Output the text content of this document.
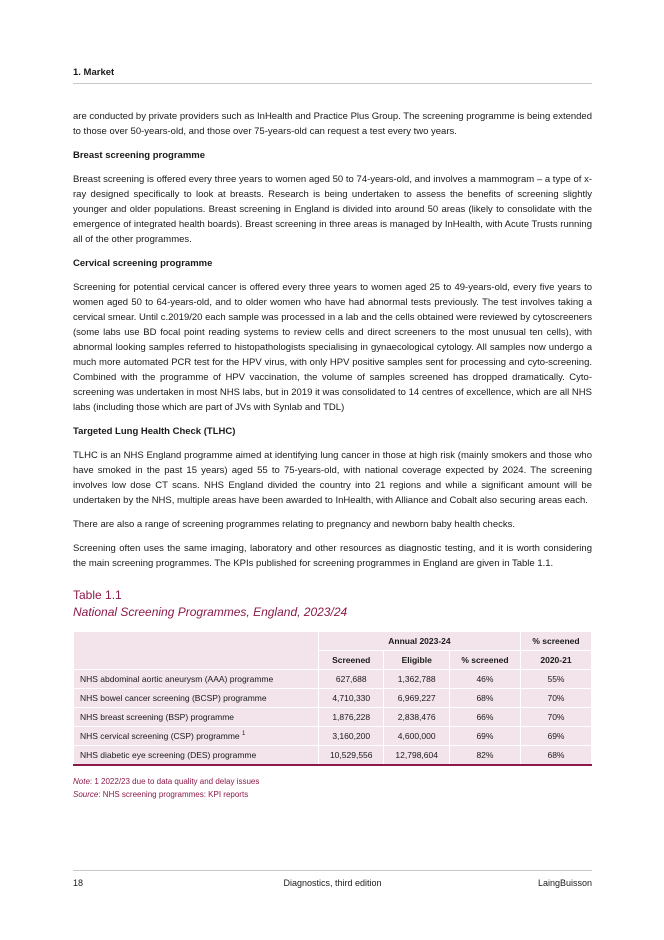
1. Market

are conducted by private providers such as InHealth and Practice Plus Group. The screening programme is being extended to those over 50-years-old, and those over 75-years-old can request a test every two years.

Breast screening programme

Breast screening is offered every three years to women aged 50 to 74-years-old, and involves a mammogram – a type of x-ray designed specifically to look at breasts. Research is being undertaken to assess the benefits of screening slightly younger and older populations. Breast screening in England is divided into around 50 areas (likely to consolidate with the emergence of integrated health boards). Breast screening in three areas is managed by InHealth, with Acute Trusts running all of the other programmes.

Cervical screening programme

Screening for potential cervical cancer is offered every three years to women aged 25 to 49-years-old, every five years to women aged 50 to 64-years-old, and to older women who have had abnormal tests previously. The test involves taking a cervical smear. Until c.2019/20 each sample was processed in a lab and the cells obtained were reviewed by cytoscreeners (some labs use BD focal point reading systems to review cells and direct screeners to the most unusual ten cells), with abnormal looking samples referred to histopathologists specialising in gynaecological cytology. All samples now undergo a much more automated PCR test for the HPV virus, with only HPV positive samples sent for processing and cyto-screening. Combined with the programme of HPV vaccination, the volume of samples screened has dropped dramatically. Cyto-screening was undertaken in most NHS labs, but in 2019 it was consolidated to 14 centres of excellence, which are all NHS labs (including those which are part of JVs with Synlab and TDL)

Targeted Lung Health Check (TLHC)

TLHC is an NHS England programme aimed at identifying lung cancer in those at high risk (mainly smokers and those who have smoked in the past 15 years) aged 55 to 75-years-old, with national coverage expected by 2024. The screening involves low dose CT scans. NHS England divided the country into 21 regions and while a significant amount will be undertaken by the NHS, multiple areas have been awarded to InHealth, with Alliance and Cobalt also securing areas each.

There are also a range of screening programmes relating to pregnancy and newborn baby health checks.

Screening often uses the same imaging, laboratory and other resources as diagnostic testing, and it is worth considering the main screening programmes. The KPIs published for screening programmes in England are given in Table 1.1.

Table 1.1
National Screening Programmes, England, 2023/24
	Annual 2023-24			% screened
	Screened	Eligible	% screened	2020-21
NHS abdominal aortic aneurysm (AAA) programme	627,688	1,362,788	46%	55%
NHS bowel cancer screening (BCSP) programme	4,710,330	6,969,227	68%	70%
NHS breast screening (BSP) programme	1,876,228	2,838,476	66%	70%
NHS cervical screening (CSP) programme $^1$	3,160,200	4,600,000	69%	69%
NHS diabetic eye screening (DES) programme	10,529,556	12,798,604	82%	68%
Note: 1 2022/23 due to data quality and delay issues
Source: NHS screening programmes: KPI reports
18	Diagnostics, third edition	LaingBuisson
